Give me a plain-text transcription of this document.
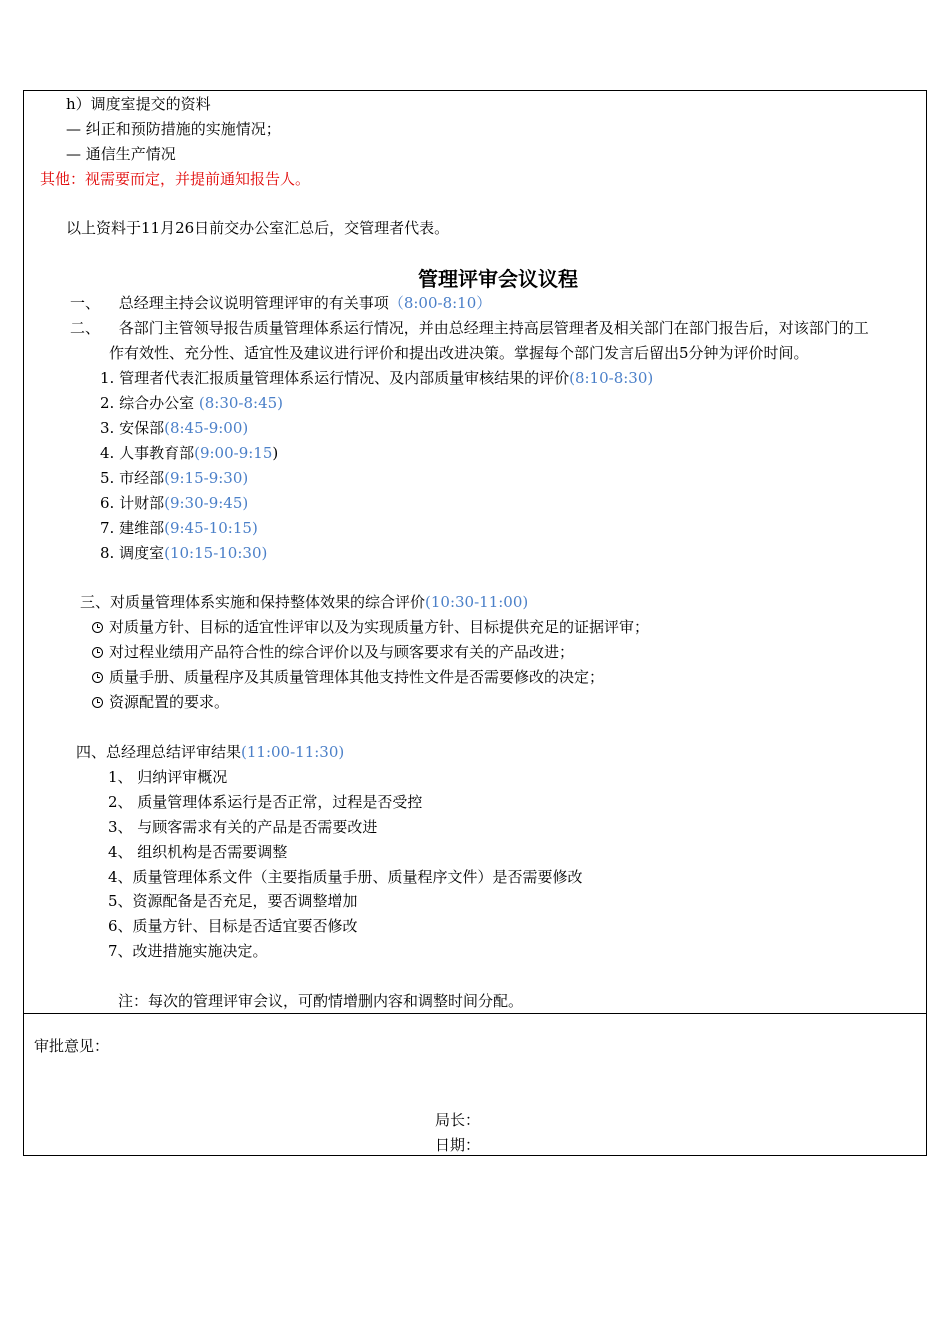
h）调度室提交的资料
— 纠正和预防措施的实施情况；
— 通信生产情况
其他：视需要而定，并提前通知报告人。
以上资料于11月26日前交办公室汇总后，交管理者代表。
管理评审会议议程
一、 总经理主持会议说明管理评审的有关事项（8:00-8:10）
二、 各部门主管领导报告质量管理体系运行情况，并由总经理主持高层管理者及相关部门在部门报告后，对该部门的工
作有效性、充分性、适宜性及建议进行评价和提出改进决策。掌握每个部门发言后留出5分钟为评价时间。
1. 管理者代表汇报质量管理体系运行情况、及内部质量审核结果的评价(8:10-8:30)
2. 综合办公室 (8:30-8:45)
3. 安保部(8:45-9:00)
4. 人事教育部(9:00-9:15)
5. 市经部(9:15-9:30)
6. 计财部(9:30-9:45)
7. 建维部(9:45-10:15)
8. 调度室(10:15-10:30)
三、对质量管理体系实施和保持整体效果的综合评价(10:30-11:00)
对质量方针、目标的适宜性评审以及为实现质量方针、目标提供充足的证据评审；
对过程业绩用产品符合性的综合评价以及与顾客要求有关的产品改进；
质量手册、质量程序及其质量管理体其他支持性文件是否需要修改的决定；
资源配置的要求。
四、总经理总结评审结果(11:00-11:30)
1、 归纳评审概况
2、 质量管理体系运行是否正常，过程是否受控
3、 与顾客需求有关的产品是否需要改进
4、 组织机构是否需要调整
4、质量管理体系文件（主要指质量手册、质量程序文件）是否需要修改
5、资源配备是否充足，要否调整增加
6、质量方针、目标是否适宜要否修改
7、改进措施实施决定。
注：每次的管理评审会议，可酌情增删内容和调整时间分配。
审批意见：
局长：
日期：
